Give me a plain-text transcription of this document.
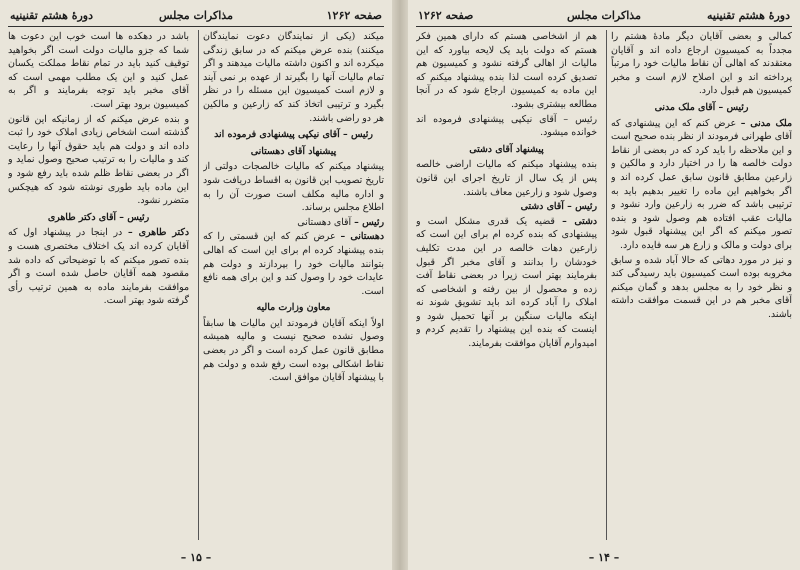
صفحه ۱۲۶۲
مذاکرات مجلس
دورهٔ هشتم تقنینیه

میکند (یکی از نمایندگان دعوت نمایندگان میکنند) بنده عرض میکنم که در سابق زندگی میکرده اند و اکنون داشته مالیات میدهند و اگر تمام مالیات آنها را بگیرند از عهده بر نمی آیند و لازم است کمیسیون این مسئله را در نظر بگیرد و ترتیبی اتخاذ کند که زارعین و مالکین هر دو راضی باشند.

رئیس – آقای نیکپی پیشنهادی فرموده اند

پیشنهاد آقای دهستانی

پیشنهاد میکنم که مالیات خالصجات دولتی از تاریخ تصویب این قانون به اقساط دریافت شود و اداره مالیه مکلف است صورت آن را به اطلاع مجلس برساند.

رئیس – آقای دهستانی

دهستانی – عرض کنم که این قسمتی را که بنده پیشنهاد کرده ام برای این است که اهالی بتوانند مالیات خود را بپردازند و دولت هم عایدات خود را وصول کند و این برای همه نافع است.

معاون وزارت مالیه

اولاً اینکه آقایان فرمودند این مالیات ها سابقاً وصول نشده صحیح نیست و مالیه همیشه مطابق قانون عمل کرده است و اگر در بعضی نقاط اشکالی بوده است رفع شده و دولت هم با پیشنهاد آقایان موافق است.

باشد در دهکده ها است خوب این دعوت ها شما که جزو مالیات دولت است اگر بخواهید توقیف کنید باید در تمام نقاط مملکت یکسان عمل کنید و این یک مطلب مهمی است که آقای مخبر باید توجه بفرمایند و اگر به کمیسیون برود بهتر است.

و بنده عرض میکنم که از زمانیکه این قانون گذشته است اشخاص زیادی املاک خود را ثبت داده اند و دولت هم باید حقوق آنها را رعایت کند و مالیات را به ترتیب صحیح وصول نماید و اگر در بعضی نقاط ظلم شده باید رفع شود و این ماده باید طوری نوشته شود که هیچکس متضرر نشود.

رئیس – آقای دکتر طاهری

دکتر طاهری – در اینجا در پیشنهاد اول که آقایان کرده اند یک اختلاف مختصری هست و بنده تصور میکنم که با توضیحاتی که داده شد مقصود همه آقایان حاصل شده است و اگر موافقت بفرمایند ماده به همین ترتیب رأی گرفته شود بهتر است.

– ۱۵ –
دورهٔ هشتم تقنینیه
مذاکرات مجلس
صفحه ۱۲۶۲

کمالی و بعضی آقایان دیگر مادهٔ هشتم را مجدداً به کمیسیون ارجاع داده اند و آقایان معتقدند که اهالی آن نقاط مالیات خود را مرتباً پرداخته اند و این اصلاح لازم است و مخبر کمیسیون هم قبول دارد.

رئیس – آقای ملک مدنی

ملک مدنی – عرض کنم که این پیشنهادی که آقای طهرانی فرمودند از نظر بنده صحیح است و این ملاحظه را باید کرد که در بعضی از نقاط دولت خالصه ها را در اختیار دارد و مالکین و زارعین مطابق قانون سابق عمل کرده اند و اگر بخواهیم این ماده را تغییر بدهیم باید به ترتیبی باشد که ضرر به زارعین وارد نشود و مالیات عقب افتاده هم وصول شود و بنده تصور میکنم که اگر این پیشنهاد قبول شود برای دولت و مالک و زارع هر سه فایده دارد.

و نیز در مورد دهاتی که حالا آباد شده و سابق مخروبه بوده است کمیسیون باید رسیدگی کند و نظر خود را به مجلس بدهد و گمان میکنم آقای مخبر هم در این قسمت موافقت داشته باشند.

هم از اشخاصی هستم که دارای همین فکر هستم که دولت باید یک لایحه بیاورد که این مالیات از اهالی گرفته نشود و کمیسیون هم تصدیق کرده است لذا بنده پیشنهاد میکنم که این ماده به کمیسیون ارجاع شود که در آنجا مطالعه بیشتری بشود.

رئیس – آقای نیکپی پیشنهادی فرموده اند خوانده میشود.

پیشنهاد آقای دشتی

بنده پیشنهاد میکنم که مالیات اراضی خالصه پس از یک سال از تاریخ اجرای این قانون وصول شود و زارعین معاف باشند.

رئیس – آقای دشتی

دشتی – قضیه یک قدری مشکل است و پیشنهادی که بنده کرده ام برای این است که زارعین دهات خالصه در این مدت تکلیف خودشان را بدانند و آقای مخبر اگر قبول بفرمایند بهتر است زیرا در بعضی نقاط آفت زده و محصول از بین رفته و اشخاصی که املاک را آباد کرده اند باید تشویق شوند نه اینکه مالیات سنگین بر آنها تحمیل شود و اینست که بنده این پیشنهاد را تقدیم کردم و امیدوارم آقایان موافقت بفرمایند.

– ۱۴ –
